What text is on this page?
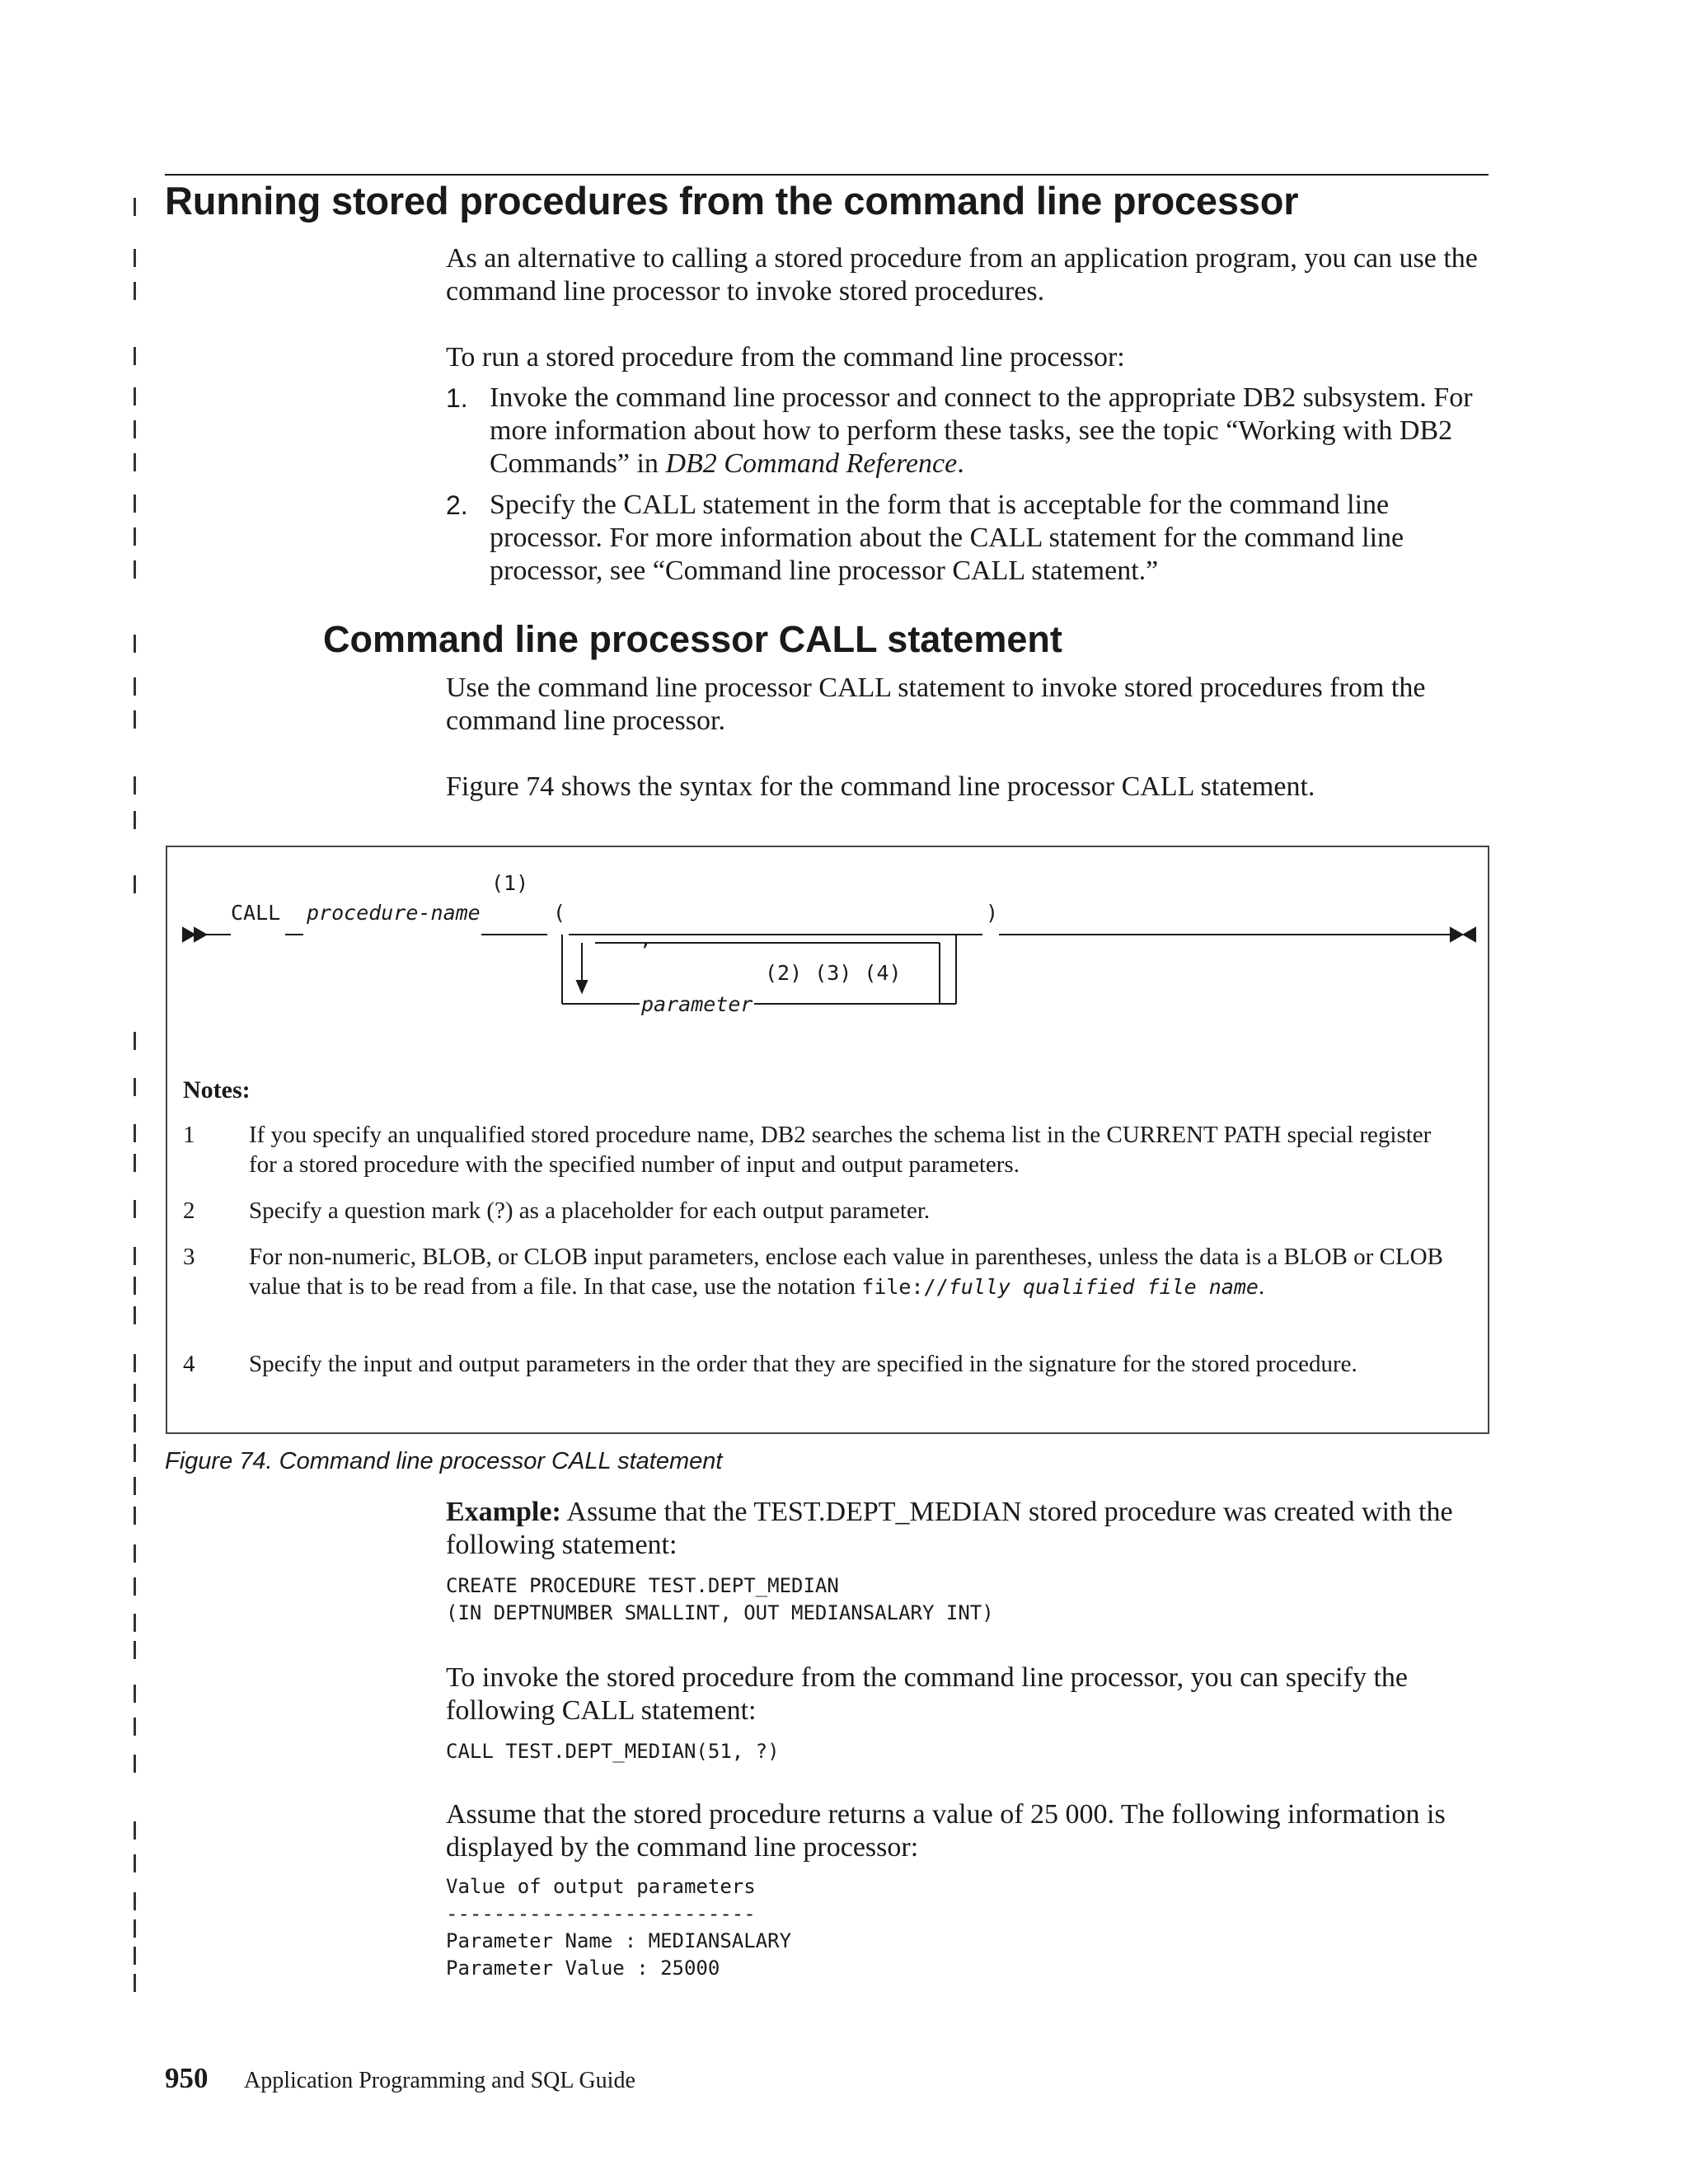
Running stored procedures from the command line processor
As an alternative to calling a stored procedure from an application program, you can use the command line processor to invoke stored procedures.
To run a stored procedure from the command line processor:
1. Invoke the command line processor and connect to the appropriate DB2 subsystem. For more information about how to perform these tasks, see the topic “Working with DB2 Commands” in DB2 Command Reference.
2. Specify the CALL statement in the form that is acceptable for the command line processor. For more information about the CALL statement for the command line processor, see “Command line processor CALL statement.”
Command line processor CALL statement
Use the command line processor CALL statement to invoke stored procedures from the command line processor.
Figure 74 shows the syntax for the command line processor CALL statement.
CALL procedure-name
(1)
(	)
,
(2) (3) (4)
parameter
Notes:
1 If you specify an unqualified stored procedure name, DB2 searches the schema list in the CURRENT PATH special register for a stored procedure with the specified number of input and output parameters.
2 Specify a question mark (?) as a placeholder for each output parameter.
3 For non-numeric, BLOB, or CLOB input parameters, enclose each value in parentheses, unless the data is a BLOB or CLOB value that is to be read from a file. In that case, use the notation file://fully qualified file name.
4 Specify the input and output parameters in the order that they are specified in the signature for the stored procedure.
Figure 74. Command line processor CALL statement
Example: Assume that the TEST.DEPT_MEDIAN stored procedure was created with the following statement:
CREATE PROCEDURE TEST.DEPT_MEDIAN
(IN DEPTNUMBER SMALLINT, OUT MEDIANSALARY INT)
To invoke the stored procedure from the command line processor, you can specify the following CALL statement:
CALL TEST.DEPT_MEDIAN(51, ?)
Assume that the stored procedure returns a value of 25 000. The following information is displayed by the command line processor:
Value of output parameters
--------------------------
Parameter Name : MEDIANSALARY
Parameter Value : 25000
950 Application Programming and SQL Guide
